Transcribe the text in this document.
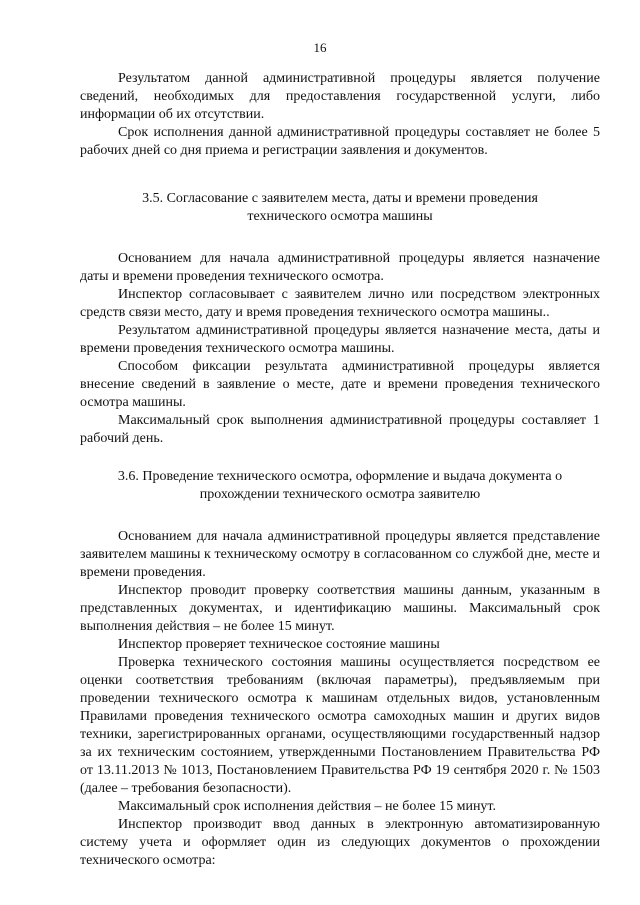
16

Результатом данной административной процедуры является получение сведений, необходимых для предоставления государственной услуги, либо информации об их отсутствии.

Срок исполнения данной административной процедуры составляет не более 5 рабочих дней со дня приема и регистрации заявления и документов.

3.5. Согласование с заявителем места, даты и времени проведения
технического осмотра машины

Основанием для начала административной процедуры является назначение даты и времени проведения технического осмотра.

Инспектор согласовывает с заявителем лично или посредством электронных средств связи место, дату и время проведения технического осмотра машины..

Результатом административной процедуры является назначение места, даты и времени проведения технического осмотра машины.

Способом фиксации результата административной процедуры является внесение сведений в заявление о месте, дате и времени проведения технического осмотра машины.

Максимальный срок выполнения административной процедуры составляет 1 рабочий день.

3.6. Проведение технического осмотра, оформление и выдача документа о
прохождении технического осмотра заявителю

Основанием для начала административной процедуры является представление заявителем машины к техническому осмотру в согласованном со службой дне, месте и времени проведения.

Инспектор проводит проверку соответствия машины данным, указанным в представленных документах, и идентификацию машины. Максимальный срок выполнения действия – не более 15 минут.

Инспектор проверяет техническое состояние машины

Проверка технического состояния машины осуществляется посредством ее оценки соответствия требованиям (включая параметры), предъявляемым при проведении технического осмотра к машинам отдельных видов, установленным Правилами проведения технического осмотра самоходных машин и других видов техники, зарегистрированных органами, осуществляющими государственный надзор за их техническим состоянием, утвержденными Постановлением Правительства РФ от 13.11.2013 № 1013, Постановлением Правительства РФ 19 сентября 2020 г. № 1503 (далее – требования безопасности).

Максимальный срок исполнения действия – не более 15 минут.

Инспектор производит ввод данных в электронную автоматизированную систему учета и оформляет один из следующих документов о прохождении технического осмотра:
